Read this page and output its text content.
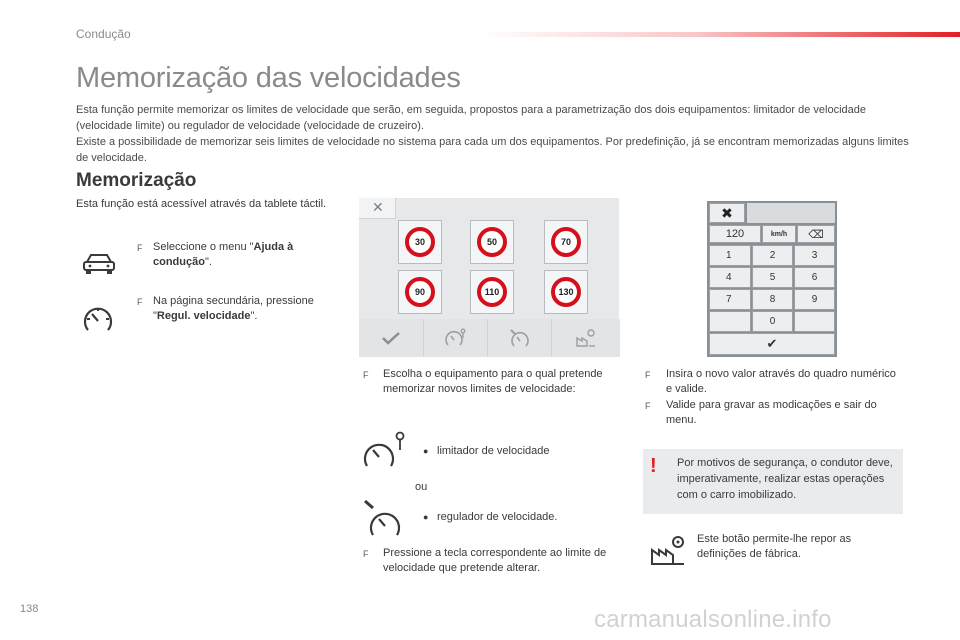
Condução
Memorização das velocidades

Esta função permite memorizar os limites de velocidade que serão, em seguida, propostos para a parametrização dos dois equipamentos: limitador de velocidade (velocidade limite) ou regulador de velocidade (velocidade de cruzeiro).

Existe a possibilidade de memorizar seis limites de velocidade no sistema para cada um dos equipamentos. Por predefinição, já se encontram memorizadas alguns limites de velocidade.

Memorização
Esta função está acessível através da tablete táctil.
F Seleccione o menu "Ajuda à condução".
F Na página secundária, pressione "Regul. velocidade".
✕
30	50	70
90	110	130
F Escolha o equipamento para o qual pretende memorizar novos limites de velocidade:
● limitador de velocidade
ou
● regulador de velocidade.
F Pressione a tecla correspondente ao limite de velocidade que pretende alterar.
✖
120	km/h	⌫
1	2	3
4	5	6
7	8	9
0
✔
F Insira o novo valor através do quadro numérico e valide.
F Valide para gravar as modicações e sair do menu.
! Por motivos de segurança, o condutor deve, imperativamente, realizar estas operações com o carro imobilizado.
Este botão permite-lhe repor as definições de fábrica.
138	carmanualsonline.info
